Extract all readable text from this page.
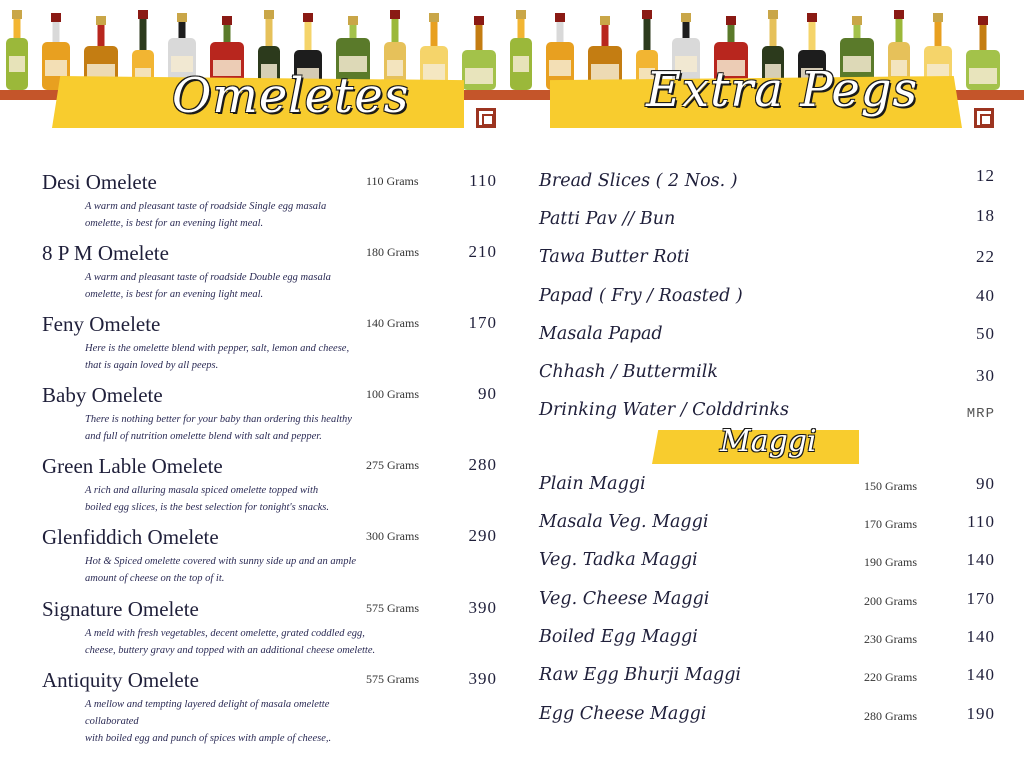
Omeletes	Extra Pegs
Desi Omelete	110 Grams	110
A warm and pleasant taste of roadside Single egg masala
omelette, is best for an evening light meal.
8 P M Omelete	180 Grams	210
A warm and pleasant taste of roadside Double egg masala
omelette, is best for an evening light meal.
Feny Omelete	140 Grams	170
Here is the omelette blend with pepper, salt, lemon and cheese,
that is again loved by all peeps.
Baby Omelete	100 Grams	90
There is nothing better for your baby than ordering this healthy
and full of nutrition omelette blend with salt and pepper.
Green Lable Omelete	275 Grams	280
A rich and alluring masala spiced omelette topped with
boiled egg slices, is the best selection for tonight's snacks.
Glenfiddich Omelete	300 Grams	290
Hot & Spiced omelette covered with sunny side up and an ample
amount of cheese on the top of it.
Signature Omelete	575 Grams	390
A meld with fresh vegetables, decent omelette, grated coddled egg,
cheese, buttery gravy and topped with an additional cheese omelette.
Antiquity Omelete	575 Grams	390
A mellow and tempting layered delight of masala omelette collaborated
with boiled egg and punch of spices with ample of cheese,.
Bread Slices ( 2 Nos. )	12
Patti Pav // Bun	18
Tawa Butter Roti	22
Papad ( Fry / Roasted )	40
Masala Papad	50
Chhash / Buttermilk	30
Drinking Water / Colddrinks	MRP
Maggi
Plain Maggi	150 Grams	90
Masala Veg. Maggi	170 Grams	110
Veg. Tadka Maggi	190 Grams	140
Veg. Cheese Maggi	200 Grams	170
Boiled Egg Maggi	230 Grams	140
Raw Egg Bhurji Maggi	220 Grams	140
Egg Cheese Maggi	280 Grams	190
